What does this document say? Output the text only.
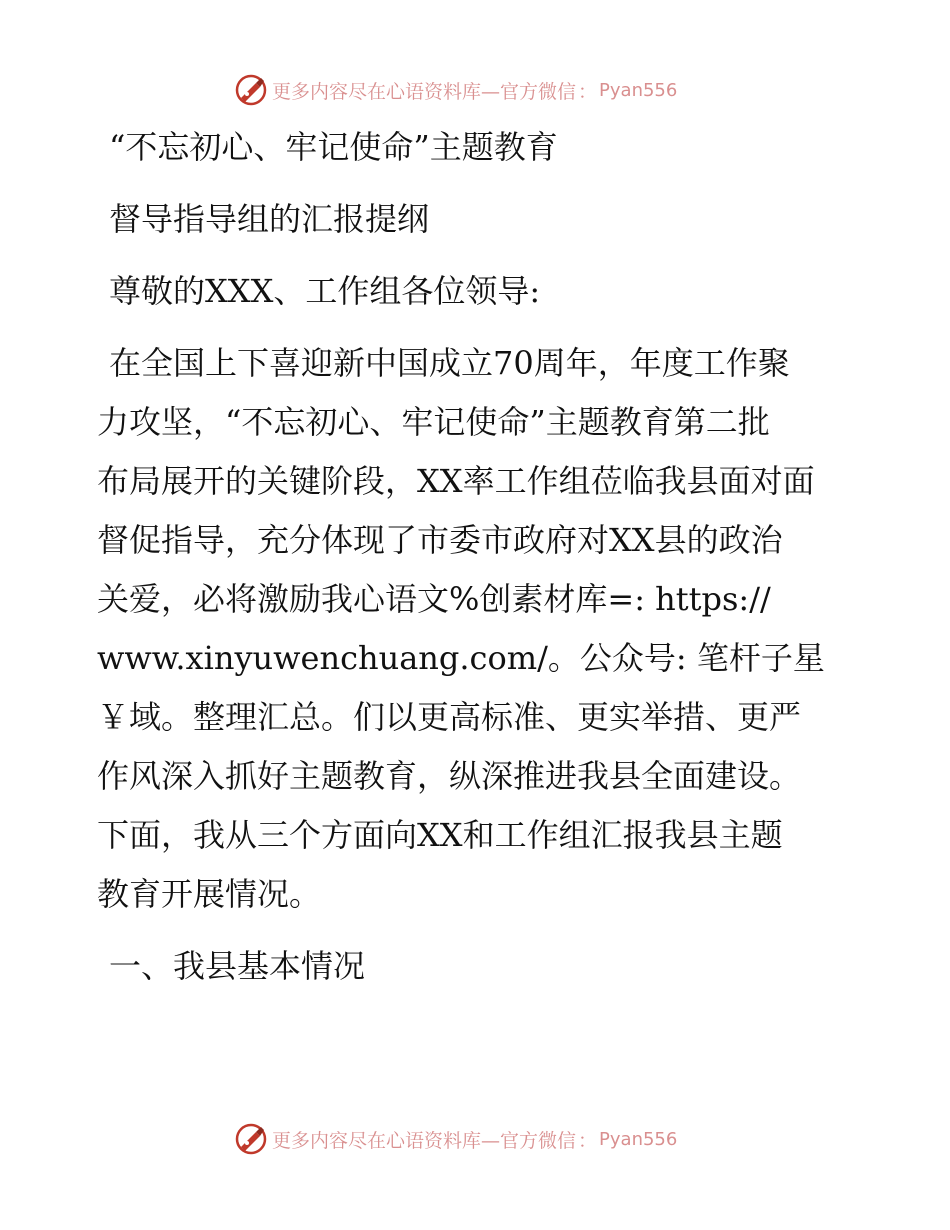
更多内容尽在心语资料库—官方微信 ： Pyan556
“不忘初心、牢记使命”主题教育
督导指导组的汇报提纲
尊敬的XXX、工作组各位领导:
在全国上下喜迎新中国成立70周年，年度工作聚
力攻坚，“不忘初心、牢记使命”主题教育第二批
布局展开的关键阶段，XX率工作组莅临我县面对面
督促指导，充分体现了市委市政府对XX县的政治
关爱，必将激励我心语文%创素材库=: https://
www.xinyuwenchuang.com/。公众号: 笔杆子星
￥域。整理汇总。们以更高标准、更实举措、更严
作风深入抓好主题教育，纵深推进我县全面建设。
下面，我从三个方面向XX和工作组汇报我县主题
教育开展情况。
一、我县基本情况
更多内容尽在心语资料库—官方微信 ： Pyan556
